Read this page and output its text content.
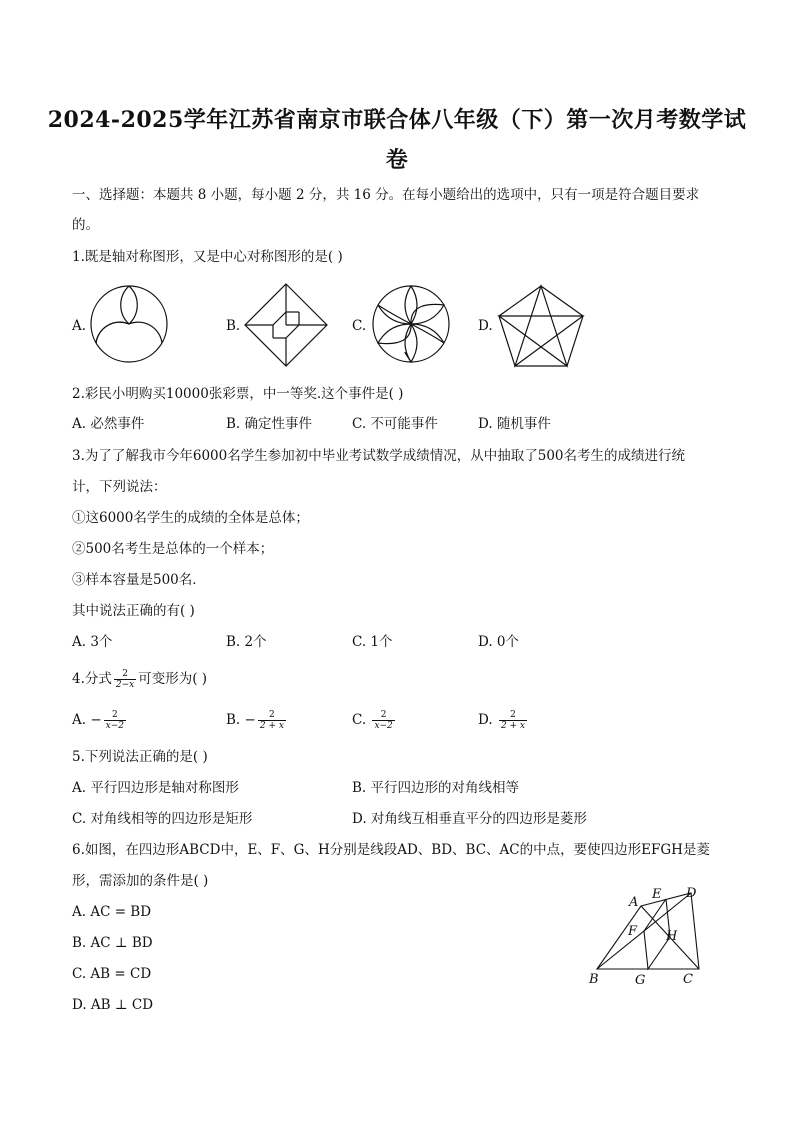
2024-2025学年江苏省南京市联合体八年级（下）第一次月考数学试
卷
一、选择题：本题共 8 小题，每小题 2 分，共 16 分。在每小题给出的选项中，只有一项是符合题目要求
的。
1.既是轴对称图形，又是中心对称图形的是( )
A.	B.	C.	D.
2.彩民小明购买10000张彩票，中一等奖.这个事件是( )
A. 必然事件	B. 确定性事件	C. 不可能事件	D. 随机事件
3.为了了解我市今年6000名学生参加初中毕业考试数学成绩情况，从中抽取了500名考生的成绩进行统
计，下列说法：
①这6000名学生的成绩的全体是总体；
②500名考生是总体的一个样本；
③样本容量是500名．
其中说法正确的有( )
A. 3个	B. 2个	C. 1个	D. 0个
4.分式 $\frac{2}{2-x}$ 可变形为( )
A. − $\frac{2}{x-2}$	B. − $\frac{2}{2 + x}$	C. $\frac{2}{x-2}$	D. $\frac{2}{2 + x}$
5.下列说法正确的是( )
A. 平行四边形是轴对称图形	B. 平行四边形的对角线相等
C. 对角线相等的四边形是矩形	D. 对角线互相垂直平分的四边形是菱形
6.如图，在四边形ABCD中，E、F、G、H分别是线段AD、BD、BC、AC的中点，要使四边形EFGH是菱
形，需添加的条件是( )
A. AC = BD
B. AC ⊥ BD
C. AB = CD
D. AB ⊥ CD
A
E D
F H
B	G	C
